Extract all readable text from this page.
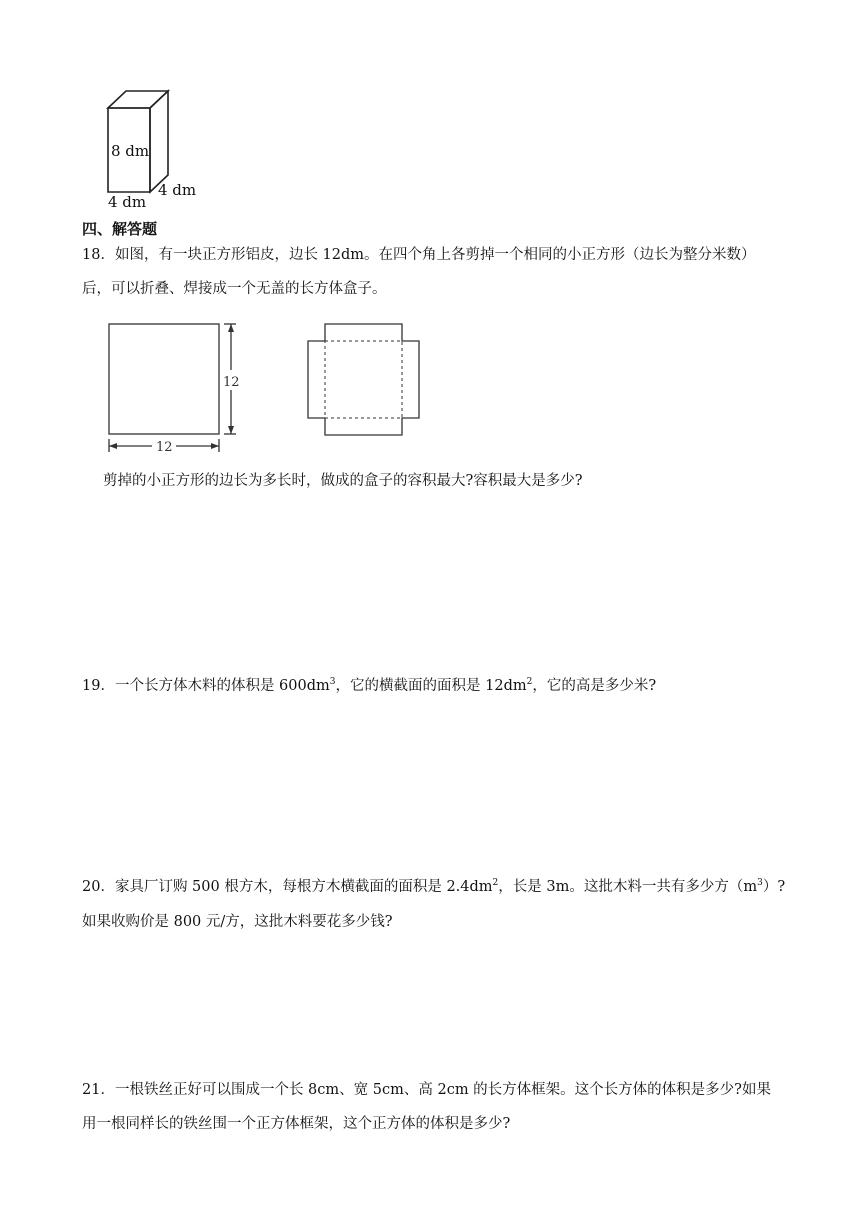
8 dm
4 dm
4 dm
四、解答题
18．如图，有一块正方形铝皮，边长 12dm。在四个角上各剪掉一个相同的小正方形（边长为整分米数）
后，可以折叠、焊接成一个无盖的长方体盒子。
12
12
剪掉的小正方形的边长为多长时，做成的盒子的容积最大?容积最大是多少?
19．一个长方体木料的体积是 $600dm^3$，它的横截面的面积是 $12dm^2$，它的高是多少米?
20．家具厂订购 500 根方木，每根方木横截面的面积是 $2.4dm^2$，长是 3m。这批木料一共有多少方$(m^3)$?
如果收购价是 800 元/方，这批木料要花多少钱?
21．一根铁丝正好可以围成一个长 8cm、宽 5cm、高 2cm 的长方体框架。这个长方体的体积是多少?如果
用一根同样长的铁丝围一个正方体框架，这个正方体的体积是多少?
